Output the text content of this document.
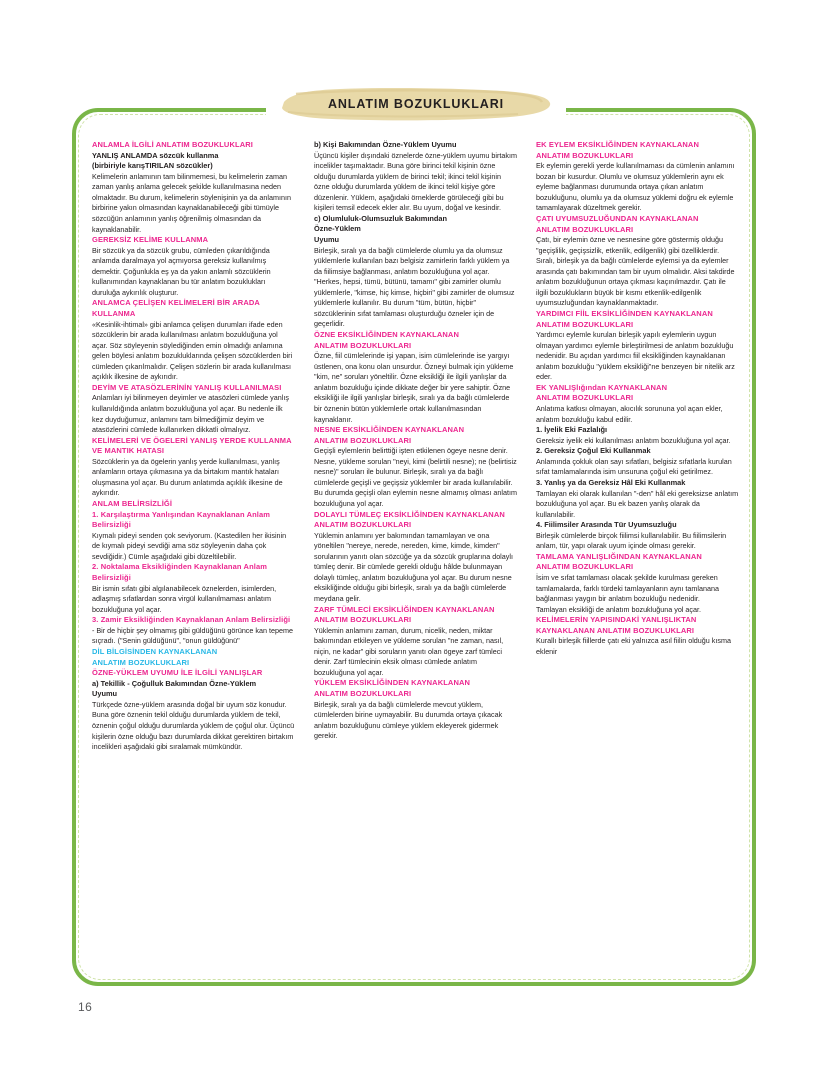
ANLATIM BOZUKLUKLARI

ANLAMLA İLGİLİ ANLATIM BOZUKLUKLARI

YANLIŞ ANLAMDA sözcük kullanma

(birbiriyle karışTIRILAN sözcükler)

Kelimelerin anlamının tam bilinmemesi, bu kelimelerin zaman zaman yanlış anlama gelecek şekilde kullanılmasına neden olmaktadır. Bu durum, kelimelerin söylenişinin ya da anlamının birbirine yakın olmasından kaynaklanabileceği gibi tümüyle sözcüğün anlamının yanlış öğrenilmiş olmasından da kaynaklanabilir.

GEREKSİZ KELİME KULLANMA

Bir sözcük ya da sözcük grubu, cümleden çıkarıldığında anlamda daralmaya yol açmıyorsa gereksiz kullanılmış demektir. Çoğunlukla eş ya da yakın anlamlı sözcüklerin kullanımından kaynaklanan bu tür anlatım bozuklukları duruluğa aykırılık oluşturur.

ANLAMCA ÇELİŞEN KELİMELERİ BİR ARADA KULLANMA

«Kesinlik-ihtimal» gibi anlamca çelişen durumları ifade eden sözcüklerin bir arada kullanılması anlatım bozukluğuna yol açar. Söz söyleyenin söylediğinden emin olmadığı anlamına gelen böylesi anlatım bozukluklarında çelişen sözcüklerden biri cümleden çıkarılmalıdır. Çelişen sözlerin bir arada kullanılması açıklık ilkesine de aykırıdır.

DEYİM VE ATASÖZLERİNİN YANLIŞ KULLANILMASI

Anlamları iyi bilinmeyen deyimler ve atasözleri cümlede yanlış kullanıldığında anlatım bozukluğuna yol açar. Bu nedenle ilk kez duyduğumuz, anlamını tam bilmediğimiz deyim ve atasözlerini cümlede kullanırken dikkatli olmalıyız.

KELİMELERİ VE ÖGELERİ YANLIŞ YERDE KULLANMA VE MANTIK HATASI

Sözcüklerin ya da ögelerin yanlış yerde kullanılması, yanlış anlamların ortaya çıkmasına ya da birtakım mantık hataları oluşmasına yol açar. Bu durum anlatımda açıklık ilkesine de aykırıdır.

ANLAM BELİRSİZLİĞİ

1. Karşılaştırma Yanlışından Kaynaklanan Anlam Belirsizliği

Kıymalı pideyi senden çok seviyorum. (Kastedilen her ikisinin de kıymalı pideyi sevdiği ama söz söyleyenin daha çok sevdiğidir.) Cümle aşağıdaki gibi düzeltilebilir.

2. Noktalama Eksikliğinden Kaynaklanan Anlam Belirsizliği

Bir ismin sıfatı gibi algılanabilecek öznelerden, isimlerden, adlaşmış sıfatlardan sonra virgül kullanılmaması anlatım bozukluğuna yol açar.

3. Zamir Eksikliğinden Kaynaklanan Anlam Belirsizliği

- Bir de hiçbir şey olmamış gibi güldüğünü görünce kan tepeme sıçradı. ("Senin güldüğünü", "onun güldüğünü"

DİL BİLGİSİNDEN KAYNAKLANAN

ANLATIM BOZUKLUKLARI

ÖZNE-YÜKLEM UYUMU İLE İLGİLİ YANLIŞLAR

a) Tekillik - Çoğulluk Bakımından Özne-Yüklem

Uyumu

Türkçede özne-yüklem arasında doğal bir uyum söz konudur. Buna göre öznenin tekil olduğu durumlarda yüklem de tekil, öznenin çoğul olduğu durumlarda yüklem de çoğul olur. Üçüncü kişilerin özne olduğu bazı durumlarda dikkat gerektiren birtakım incelikleri aşağıdaki gibi sıralamak mümkündür.

b) Kişi Bakımından Özne-Yüklem Uyumu

Üçüncü kişiler dışındaki öznelerde özne-yüklem uyumu birtakım incelikler taşımaktadır. Buna göre birinci tekil kişinin özne olduğu durumlarda yüklem de birinci tekil; ikinci tekil kişinin özne olduğu durumlarda yüklem de ikinci tekil kişiye göre düzenlenir. Yüklem, aşağıdaki örneklerde görüleceği gibi bu kişileri temsil edecek ekler alır. Bu uyum, doğal ve kesindir.

c) Olumluluk-Olumsuzluk Bakımından

Özne-Yüklem

Uyumu

Birleşik, sıralı ya da bağlı cümlelerde olumlu ya da olumsuz yüklemlerle kullanılan bazı belgisiz zamirlerin farklı yüklem ya da fiilimsiye bağlanması, anlatım bozukluğuna yol açar. "Herkes, hepsi, tümü, bütünü, tamamı" gibi zamirler olumlu yüklemlerle, "kimse, hiç kimse, hiçbiri" gibi zamirler de olumsuz yüklemlerle kullanılır. Bu durum "tüm, bütün, hiçbir" sözcüklerinin sıfat tamlaması oluşturduğu özneler için de geçerlidir.

ÖZNE EKSİKLİĞİNDEN KAYNAKLANAN

ANLATIM BOZUKLUKLARI

Özne, fiil cümlelerinde işi yapan, isim cümlelerinde ise yargıyı üstlenen, ona konu olan unsurdur. Özneyi bulmak için yükleme "kim, ne" soruları yöneltilir. Özne eksikliği ile ilgili yanlışlar da anlatım bozukluğu içinde dikkate değer bir yere sahiptir. Özne eksikliği ile ilgili yanlışlar birleşik, sıralı ya da bağlı cümlelerde bir öznenin bütün yüklemlerle ortak kullanılmasından kaynaklanır.

NESNE EKSİKLİĞİNDEN KAYNAKLANAN

ANLATIM BOZUKLUKLARI

Geçişli eylemlerin belirttiği işten etkilenen ögeye nesne denir. Nesne, yükleme sorulan "neyi, kimi (belirtili nesne); ne (belirtisiz nesne)" soruları ile bulunur. Birleşik, sıralı ya da bağlı cümlelerde geçişli ve geçişsiz yüklemler bir arada kullanılabilir. Bu durumda geçişli olan eylemin nesne almamış olması anlatım bozukluğuna yol açar.

DOLAYLI TÜMLEÇ EKSİKLİĞİNDEN KAYNAKLANAN

ANLATIM BOZUKLUKLARI

Yüklemin anlamını yer bakımından tamamlayan ve ona yöneltilen "nereye, nerede, nereden, kime, kimde, kimden" sorularının yanıtı olan sözcüğe ya da sözcük gruplarına dolaylı tümleç denir. Bir cümlede gerekli olduğu hâlde bulunmayan dolaylı tümleç, anlatım bozukluğuna yol açar. Bu durum nesne eksikliğinde olduğu gibi birleşik, sıralı ya da bağlı cümlelerde meydana gelir.

ZARF TÜMLECİ EKSİKLİĞİNDEN KAYNAKLANAN

ANLATIM BOZUKLUKLARI

Yüklemin anlamını zaman, durum, nicelik, neden, miktar bakımından etkileyen ve yükleme sorulan "ne zaman, nasıl, niçin, ne kadar" gibi soruların yanıtı olan ögeye zarf tümleci denir. Zarf tümlecinin eksik olması cümlede anlatım bozukluğuna yol açar.

YÜKLEM EKSİKLİĞİNDEN KAYNAKLANAN

ANLATIM BOZUKLUKLARI

Birleşik, sıralı ya da bağlı cümlelerde mevcut yüklem, cümlelerden birine uymayabilir. Bu durumda ortaya çıkacak anlatım bozukluğunu cümleye yüklem ekleyerek gidermek gerekir.

EK EYLEM EKSİKLİĞİNDEN KAYNAKLANAN

ANLATIM BOZUKLUKLARI

Ek eylemin gerekli yerde kullanılmaması da cümlenin anlamını bozan bir kusurdur. Olumlu ve olumsuz yüklemlerin aynı ek eyleme bağlanması durumunda ortaya çıkan anlatım bozukluğunu, olumlu ya da olumsuz yüklemi doğru ek eylemle tamamlayarak düzeltmek gerekir.

ÇATI UYUMSUZLUĞUNDAN KAYNAKLANAN

ANLATIM BOZUKLUKLARI

Çatı, bir eylemin özne ve nesnesine göre göstermiş olduğu "geçişlilik, geçişsizlik, etkenlik, edilgenlik) gibi özelliklerdir. Sıralı, birleşik ya da bağlı cümlelerde eylemsi ya da eylemler arasında çatı bakımından tam bir uyum olmalıdır. Aksi takdirde anlatım bozukluğunun ortaya çıkması kaçınılmazdır. Çatı ile ilgili bozuklukların büyük bir kısmı etkenlik-edilgenlik uyumsuzluğundan kaynaklanmaktadır.

YARDIMCI FİİL EKSİKLİĞİNDEN KAYNAKLANAN ANLATIM BOZUKLUKLARI

Yardımcı eylemle kurulan birleşik yapılı eylemlerin uygun olmayan yardımcı eylemle birleştirilmesi de anlatım bozukluğu nedenidir. Bu açıdan yardımcı fiil eksikliğinden kaynaklanan anlatım bozukluğu "yüklem eksikliği"ne benzeyen bir nitelik arz eder.

EK YANLIŞlığından KAYNAKLANAN

ANLATIM BOZUKLUKLARI

Anlatıma katkısı olmayan, akıcılık sorununa yol açan ekler, anlatım bozukluğu kabul edilir.

1. İyelik Eki Fazlalığı

Gereksiz iyelik eki kullanılması anlatım bozukluğuna yol açar.

2. Gereksiz Çoğul Eki Kullanmak

Anlamında çokluk olan sayı sıfatları, belgisiz sıfatlarla kurulan sıfat tamlamalarında isim unsuruna çoğul eki getirilmez.

3. Yanlış ya da Gereksiz Hâl Eki Kullanmak

Tamlayan eki olarak kullanılan "-den" hâl eki gereksizse anlatım bozukluğuna yol açar. Bu ek bazen yanlış olarak da kullanılabilir.

4. Fiilimsiler Arasında Tür Uyumsuzluğu

Birleşik cümlelerde birçok fiilimsi kullanılabilir. Bu fiilimsilerin anlam, tür, yapı olarak uyum içinde olması gerekir.

TAMLAMA YANLIŞLIĞINDAN KAYNAKLANAN

ANLATIM BOZUKLUKLARI

İsim ve sıfat tamlaması olacak şekilde kurulması gereken tamlamalarda, farklı türdeki tamlayanların aynı tamlanana bağlanması yaygın bir anlatım bozukluğu nedenidir.

Tamlayan eksikliği de anlatım bozukluğuna yol açar.

KELİMELERİN YAPISINDAKİ YANLIŞLIKTAN

KAYNAKLANAN ANLATIM BOZUKLUKLARI

Kurallı birleşik fiillerde çatı eki yalnızca asıl fiilin olduğu kısma eklenir

16
